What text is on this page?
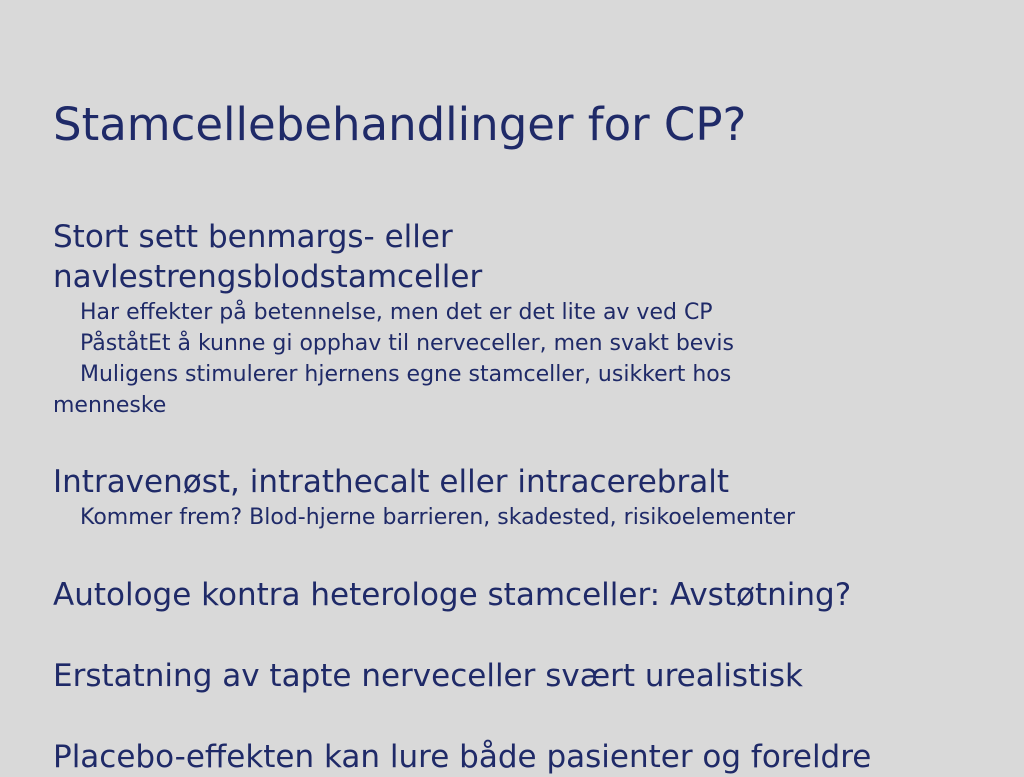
Stamcellebehandlinger for CP?
Stort sett benmargs- eller
navlestrengsblodstamceller
Har effekter på betennelse, men det er det lite av ved CP
PåståtEt å kunne gi opphav til nerveceller, men svakt bevis
Muligens stimulerer hjernens egne stamceller, usikkert hos
menneske
Intravenøst, intrathecalt eller intracerebralt
Kommer frem? Blod-hjerne barrieren, skadested, risikoelementer
Autologe kontra heterologe stamceller: Avstøtning?
Erstatning av tapte nerveceller svært urealistisk
Placebo-effekten kan lure både pasienter og foreldre
